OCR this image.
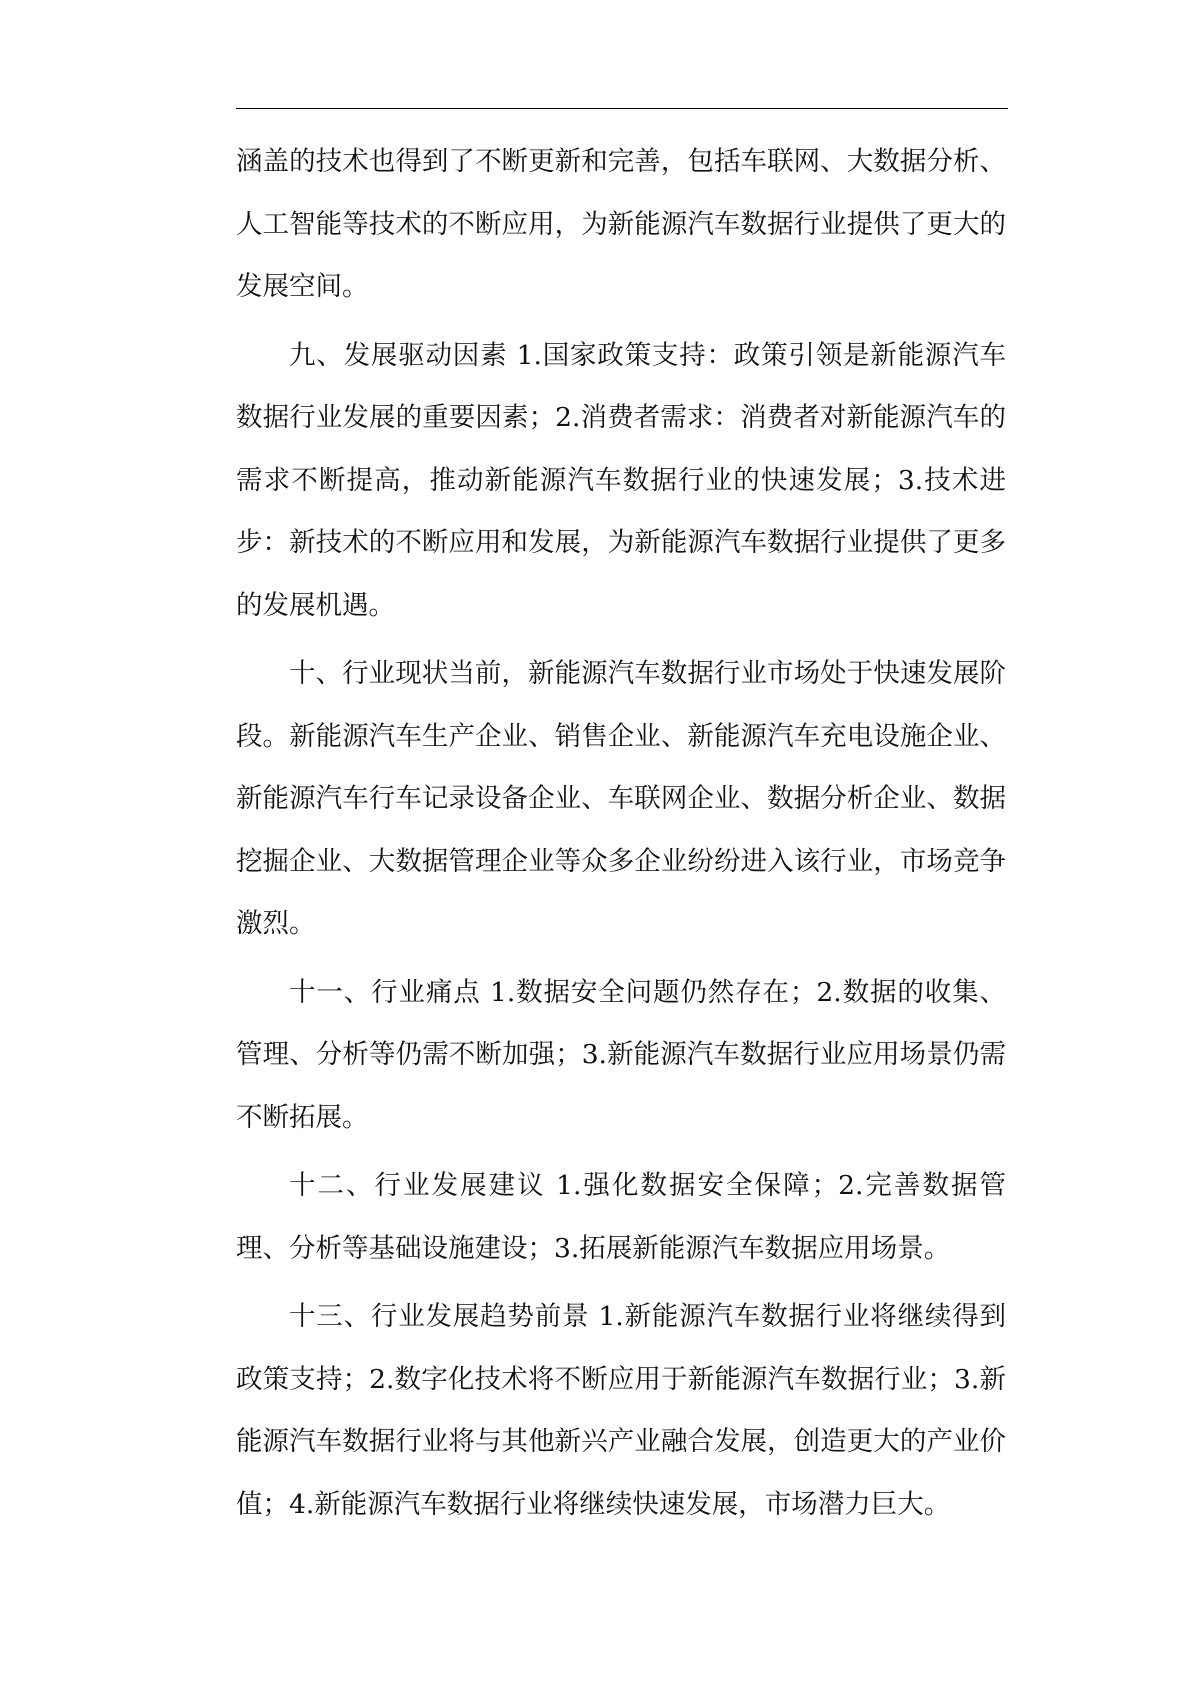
涵盖的技术也得到了不断更新和完善，包括车联网、大数据分析、人工智能等技术的不断应用，为新能源汽车数据行业提供了更大的发展空间。

九、发展驱动因素 1.国家政策支持：政策引领是新能源汽车数据行业发展的重要因素；2.消费者需求：消费者对新能源汽车的需求不断提高，推动新能源汽车数据行业的快速发展；3.技术进步：新技术的不断应用和发展，为新能源汽车数据行业提供了更多的发展机遇。

十、行业现状当前，新能源汽车数据行业市场处于快速发展阶段。新能源汽车生产企业、销售企业、新能源汽车充电设施企业、新能源汽车行车记录设备企业、车联网企业、数据分析企业、数据挖掘企业、大数据管理企业等众多企业纷纷进入该行业，市场竞争激烈。

十一、行业痛点 1.数据安全问题仍然存在；2.数据的收集、管理、分析等仍需不断加强；3.新能源汽车数据行业应用场景仍需不断拓展。

十二、行业发展建议 1.强化数据安全保障；2.完善数据管理、分析等基础设施建设；3.拓展新能源汽车数据应用场景。

十三、行业发展趋势前景 1.新能源汽车数据行业将继续得到政策支持；2.数字化技术将不断应用于新能源汽车数据行业；3.新能源汽车数据行业将与其他新兴产业融合发展，创造更大的产业价值；4.新能源汽车数据行业将继续快速发展，市场潜力巨大。
